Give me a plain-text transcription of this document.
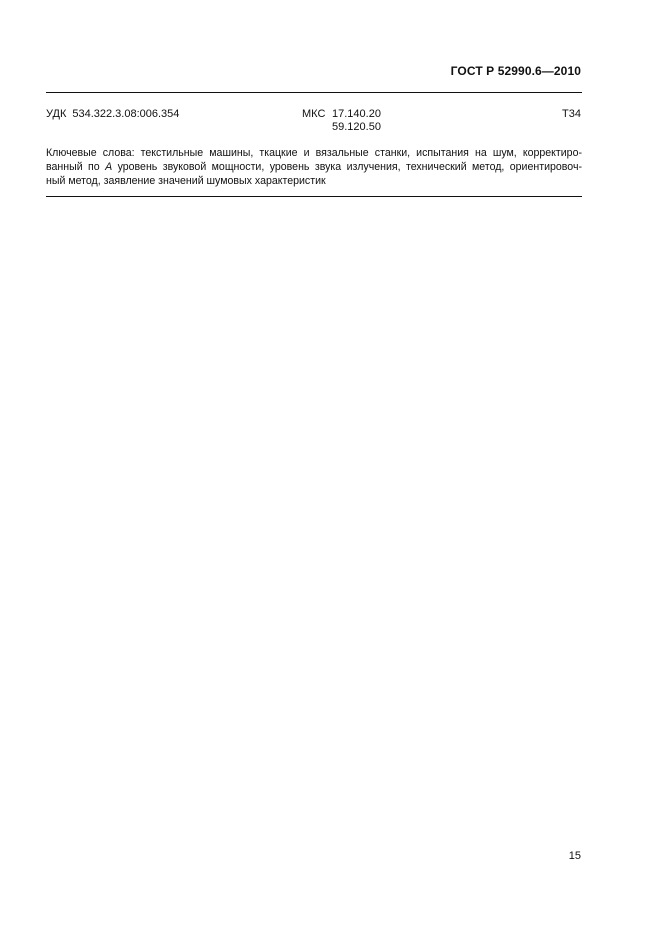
ГОСТ Р 52990.6—2010
УДК 534.322.3.08:006.354	МКС 17.140.20
59.120.50
Т34
Ключевые слова: текстильные машины, ткацкие и вязальные станки, испытания на шум, корректиро-
ванный по A уровень звуковой мощности, уровень звука излучения, технический метод, ориентировоч-
ный метод, заявление значений шумовых характеристик
15
